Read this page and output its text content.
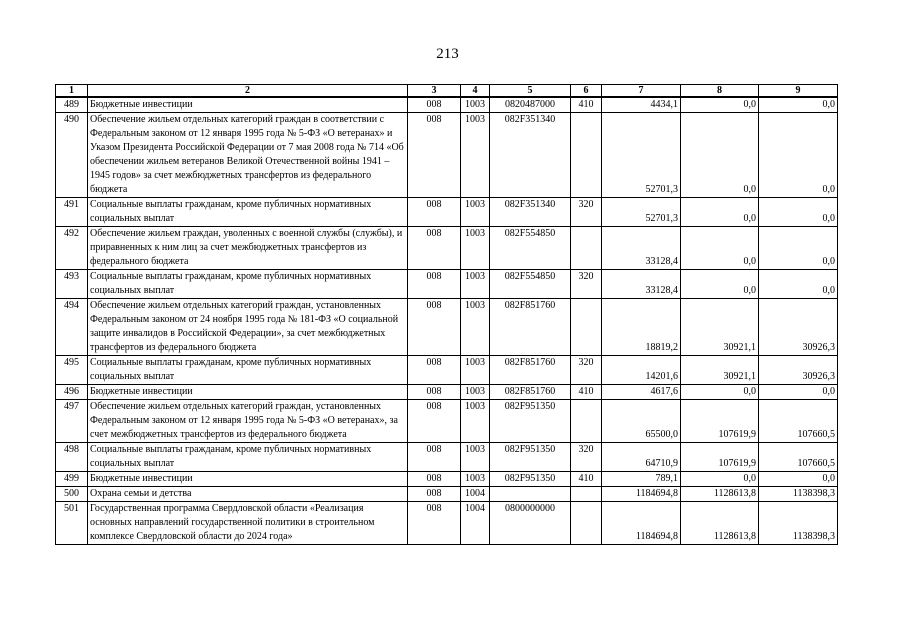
213
1	2	3	4	5	6	7	8	9
489	Бюджетные инвестиции	008	1003	0820487000	410	4434,1	0,0	0,0
490	Обеспечение жильем отдельных категорий граждан в соответствии с Федеральным законом от 12 января 1995 года № 5-ФЗ «О ветеранах» и Указом Президента Российской Федерации от 7 мая 2008 года № 714 «Об обеспечении жильем ветеранов Великой Отечественной войны 1941 – 1945 годов» за счет межбюджетных трансфертов из федерального бюджета	008	1003	082F351340		52701,3	0,0	0,0
491	Социальные выплаты гражданам, кроме публичных нормативных социальных выплат	008	1003	082F351340	320	52701,3	0,0	0,0
492	Обеспечение жильем граждан, уволенных с военной службы (службы), и приравненных к ним лиц за счет межбюджетных трансфертов из федерального бюджета	008	1003	082F554850		33128,4	0,0	0,0
493	Социальные выплаты гражданам, кроме публичных нормативных социальных выплат	008	1003	082F554850	320	33128,4	0,0	0,0
494	Обеспечение жильем отдельных категорий граждан, установленных Федеральным законом от 24 ноября 1995 года № 181-ФЗ «О социальной защите инвалидов в Российской Федерации», за счет межбюджетных трансфертов из федерального бюджета	008	1003	082F851760		18819,2	30921,1	30926,3
495	Социальные выплаты гражданам, кроме публичных нормативных социальных выплат	008	1003	082F851760	320	14201,6	30921,1	30926,3
496	Бюджетные инвестиции	008	1003	082F851760	410	4617,6	0,0	0,0
497	Обеспечение жильем отдельных категорий граждан, установленных Федеральным законом от 12 января 1995 года № 5-ФЗ «О ветеранах», за счет межбюджетных трансфертов из федерального бюджета	008	1003	082F951350		65500,0	107619,9	107660,5
498	Социальные выплаты гражданам, кроме публичных нормативных социальных выплат	008	1003	082F951350	320	64710,9	107619,9	107660,5
499	Бюджетные инвестиции	008	1003	082F951350	410	789,1	0,0	0,0
500	Охрана семьи и детства	008	1004			1184694,8	1128613,8	1138398,3
501	Государственная программа Свердловской области «Реализация основных направлений государственной политики в строительном комплексе Свердловской области до 2024 года»	008	1004	0800000000		1184694,8	1128613,8	1138398,3
